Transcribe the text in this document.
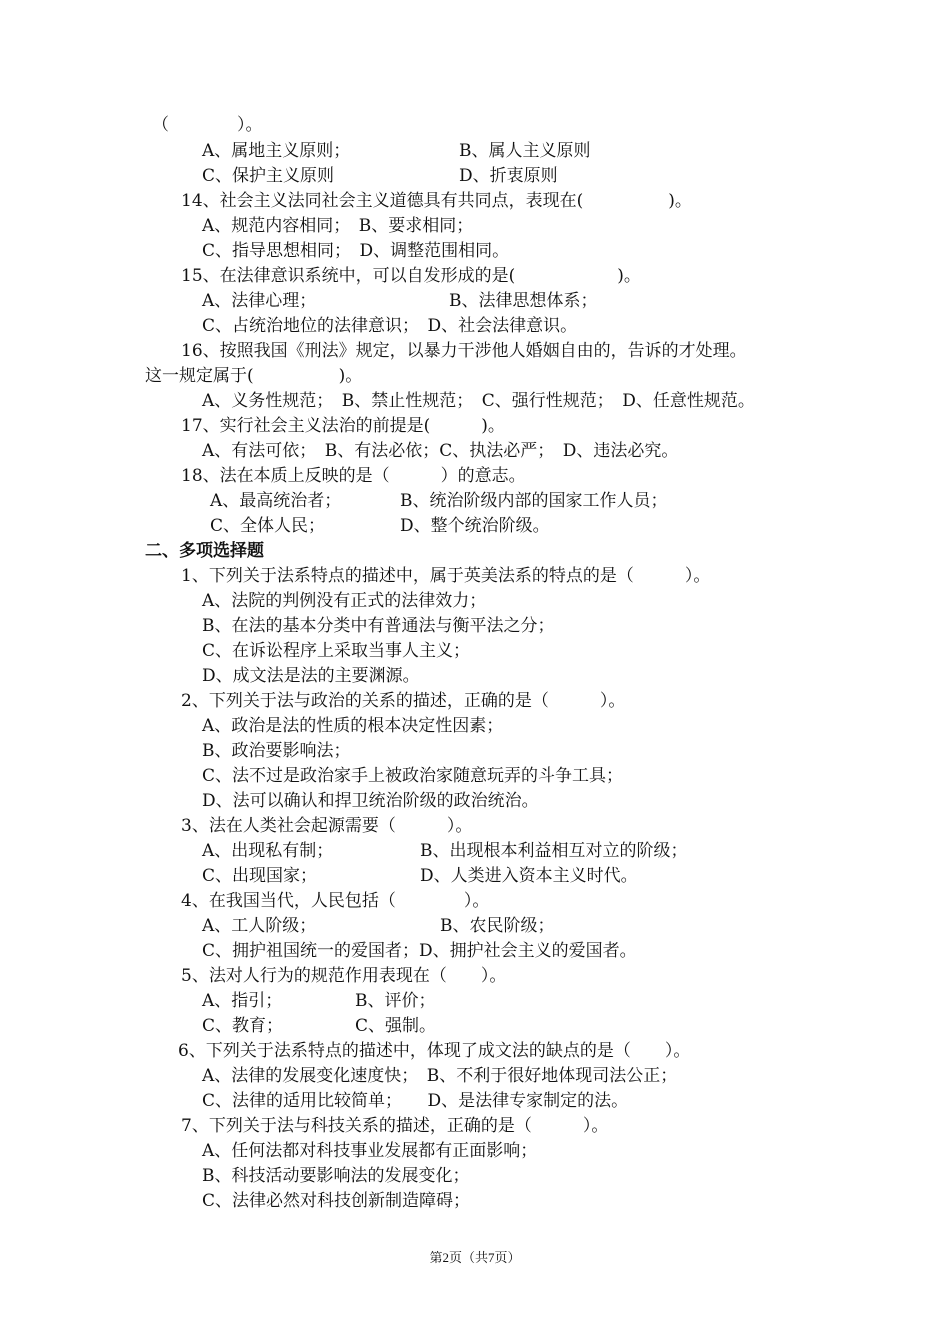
（　　　　）。
A、属地主义原则；	B、属人主义原则
C、保护主义原则	D、折衷原则
14、社会主义法同社会主义道德具有共同点，表现在(　　　　　)。
A、规范内容相同；　B、要求相同；
C、指导思想相同；　D、调整范围相同。
15、在法律意识系统中，可以自发形成的是(　　　　　　)。
A、法律心理；	B、法律思想体系；
C、占统治地位的法律意识；　D、社会法律意识。
16、按照我国《刑法》规定，以暴力干涉他人婚姻自由的，告诉的才处理。
这一规定属于(　　　　　)。
A、义务性规范；　B、禁止性规范；　C、强行性规范；　D、任意性规范。
17、实行社会主义法治的前提是(　　　)。
A、有法可依；　B、有法必依；C、执法必严；　D、违法必究。
18、法在本质上反映的是（　　　）的意志。
A、最高统治者；	B、统治阶级内部的国家工作人员；
C、全体人民；	D、整个统治阶级。
二、多项选择题
1、下列关于法系特点的描述中，属于英美法系的特点的是（　　　）。
A、法院的判例没有正式的法律效力；
B、在法的基本分类中有普通法与衡平法之分；
C、在诉讼程序上采取当事人主义；
D、成文法是法的主要渊源。
2、下列关于法与政治的关系的描述，正确的是（　　　）。
A、政治是法的性质的根本决定性因素；
B、政治要影响法；
C、法不过是政治家手上被政治家随意玩弄的斗争工具；
D、法可以确认和捍卫统治阶级的政治统治。
3、法在人类社会起源需要（　　　）。
A、出现私有制；	B、出现根本利益相互对立的阶级；
C、出现国家；	D、人类进入资本主义时代。
4、在我国当代，人民包括（　　　　）。
A、工人阶级；	B、农民阶级；
C、拥护祖国统一的爱国者；D、拥护社会主义的爱国者。
5、法对人行为的规范作用表现在（　　）。
A、指引；	B、评价；
C、教育；	C、强制。
6、下列关于法系特点的描述中，体现了成文法的缺点的是（　　）。
A、法律的发展变化速度快；　B、不利于很好地体现司法公正；
C、法律的适用比较简单；　　D、是法律专家制定的法。
7、下列关于法与科技关系的描述，正确的是（　　　）。
A、任何法都对科技事业发展都有正面影响；
B、科技活动要影响法的发展变化；
C、法律必然对科技创新制造障碍；
第2页（共7页）
